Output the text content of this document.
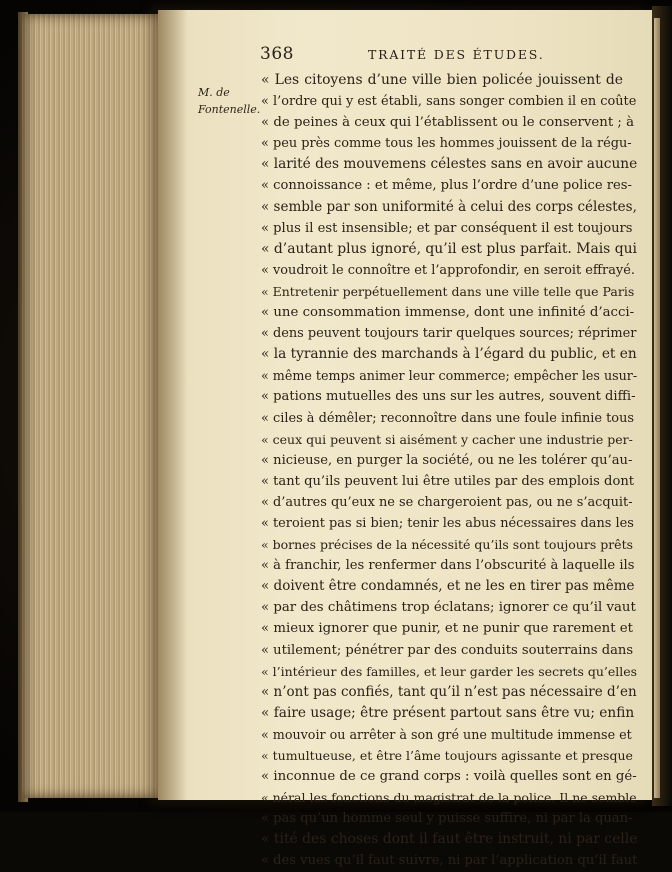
368	TRAITÉ DES ÉTUDES.
M. de Fontenelle.
« Les citoyens d’une ville bien policée jouissent de
« l’ordre qui y est établi, sans songer combien il en coûte
« de peines à ceux qui l’établissent ou le conservent ; à
« peu près comme tous les hommes jouissent de la régu-
« larité des mouvemens célestes sans en avoir aucune
« connoissance : et même, plus l’ordre d’une police res-
« semble par son uniformité à celui des corps célestes,
« plus il est insensible; et par conséquent il est toujours
« d’autant plus ignoré, qu’il est plus parfait. Mais qui
« voudroit le connoître et l’approfondir, en seroit effrayé.
« Entretenir perpétuellement dans une ville telle que Paris
« une consommation immense, dont une infinité d’acci-
« dens peuvent toujours tarir quelques sources; réprimer
« la tyrannie des marchands à l’égard du public, et en
« même temps animer leur commerce; empêcher les usur-
« pations mutuelles des uns sur les autres, souvent diffi-
« ciles à démêler; reconnoître dans une foule infinie tous
« ceux qui peuvent si aisément y cacher une industrie per-
« nicieuse, en purger la société, ou ne les tolérer qu’au-
« tant qu’ils peuvent lui être utiles par des emplois dont
« d’autres qu’eux ne se chargeroient pas, ou ne s’acquit-
« teroient pas si bien; tenir les abus nécessaires dans les
« bornes précises de la nécessité qu’ils sont toujours prêts
« à franchir, les renfermer dans l’obscurité à laquelle ils
« doivent être condamnés, et ne les en tirer pas même
« par des châtimens trop éclatans; ignorer ce qu’il vaut
« mieux ignorer que punir, et ne punir que rarement et
« utilement; pénétrer par des conduits souterrains dans
« l’intérieur des familles, et leur garder les secrets qu’elles
« n’ont pas confiés, tant qu’il n’est pas nécessaire d’en
« faire usage; être présent partout sans être vu; enfin
« mouvoir ou arrêter à son gré une multitude immense et
« tumultueuse, et être l’âme toujours agissante et presque
« inconnue de ce grand corps : voilà quelles sont en gé-
« néral les fonctions du magistrat de la police. Il ne semble
« pas qu’un homme seul y puisse suffire, ni par la quan-
« tité des choses dont il faut être instruit, ni par celle
« des vues qu’il faut suivre, ni par l’application qu’il faut
